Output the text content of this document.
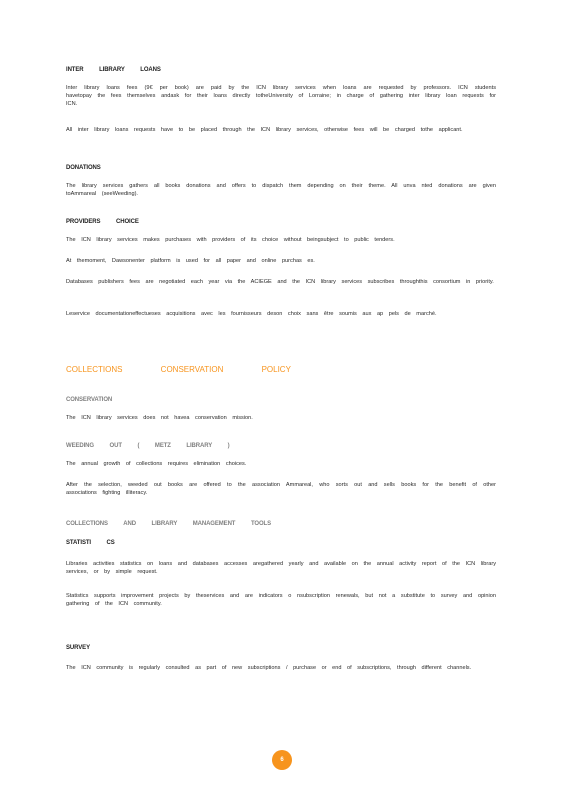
INTER LIBRARY LOANS

Inter library loans fees (9€ per book) are paid by the ICN library services when loans are requested by professors. ICN students havetopay the fees themselves andask for their loans directly totheUniversity of Lorraine; in charge of gathering inter library loan requests for ICN.

All inter library loans requests have to be placed through the ICN library services, otherwise fees will be charged tothe applicant.

DONATIONS

The library services gathers all books donations and offers to dispatch them depending on their theme. All unva nted donations are given toAmmareal (seeWeeding).

PROVIDERS CHOICE

The ICN library services makes purchases with providers of its choice without beingsubject to public tenders.

At themoment, Dawsonenter platform is used for all paper and online purchas es.

Databases publishers fees are negotiated each year via the ACIEGE and the ICN library services subscribes throughthis consortium in priority.

Leservice documentationeffectueses acquisitions avec les fournisseurs deson choix sans être soumis aux ap pels de marché.

COLLECTIONS CONSERVATION POLICY

CONSERVATION

The ICN library services does not havea conservation mission.

WEEDING OUT ( METZ LIBRARY )

The annual growth of collections requires elimination choices.

After the selection, weeded out books are offered to the association Ammareal, who sorts out and sells books for the benefit of other associations fighting illiteracy.

COLLECTIONS AND LIBRARY MANAGEMENT TOOLS

STATISTI CS

Libraries activities statistics on loans and databases accesses aregathered yearly and available on the annual activity report of the ICN library services, or by simple request.

Statistics supports improvement projects by theservices and are indicators o nsubscription renewals, but not a substitute to survey and opinion gathering of the ICN community.

SURVEY

The ICN community is regularly consulted as part of new subscriptions / purchase or end of subscriptions, through different channels.

6
